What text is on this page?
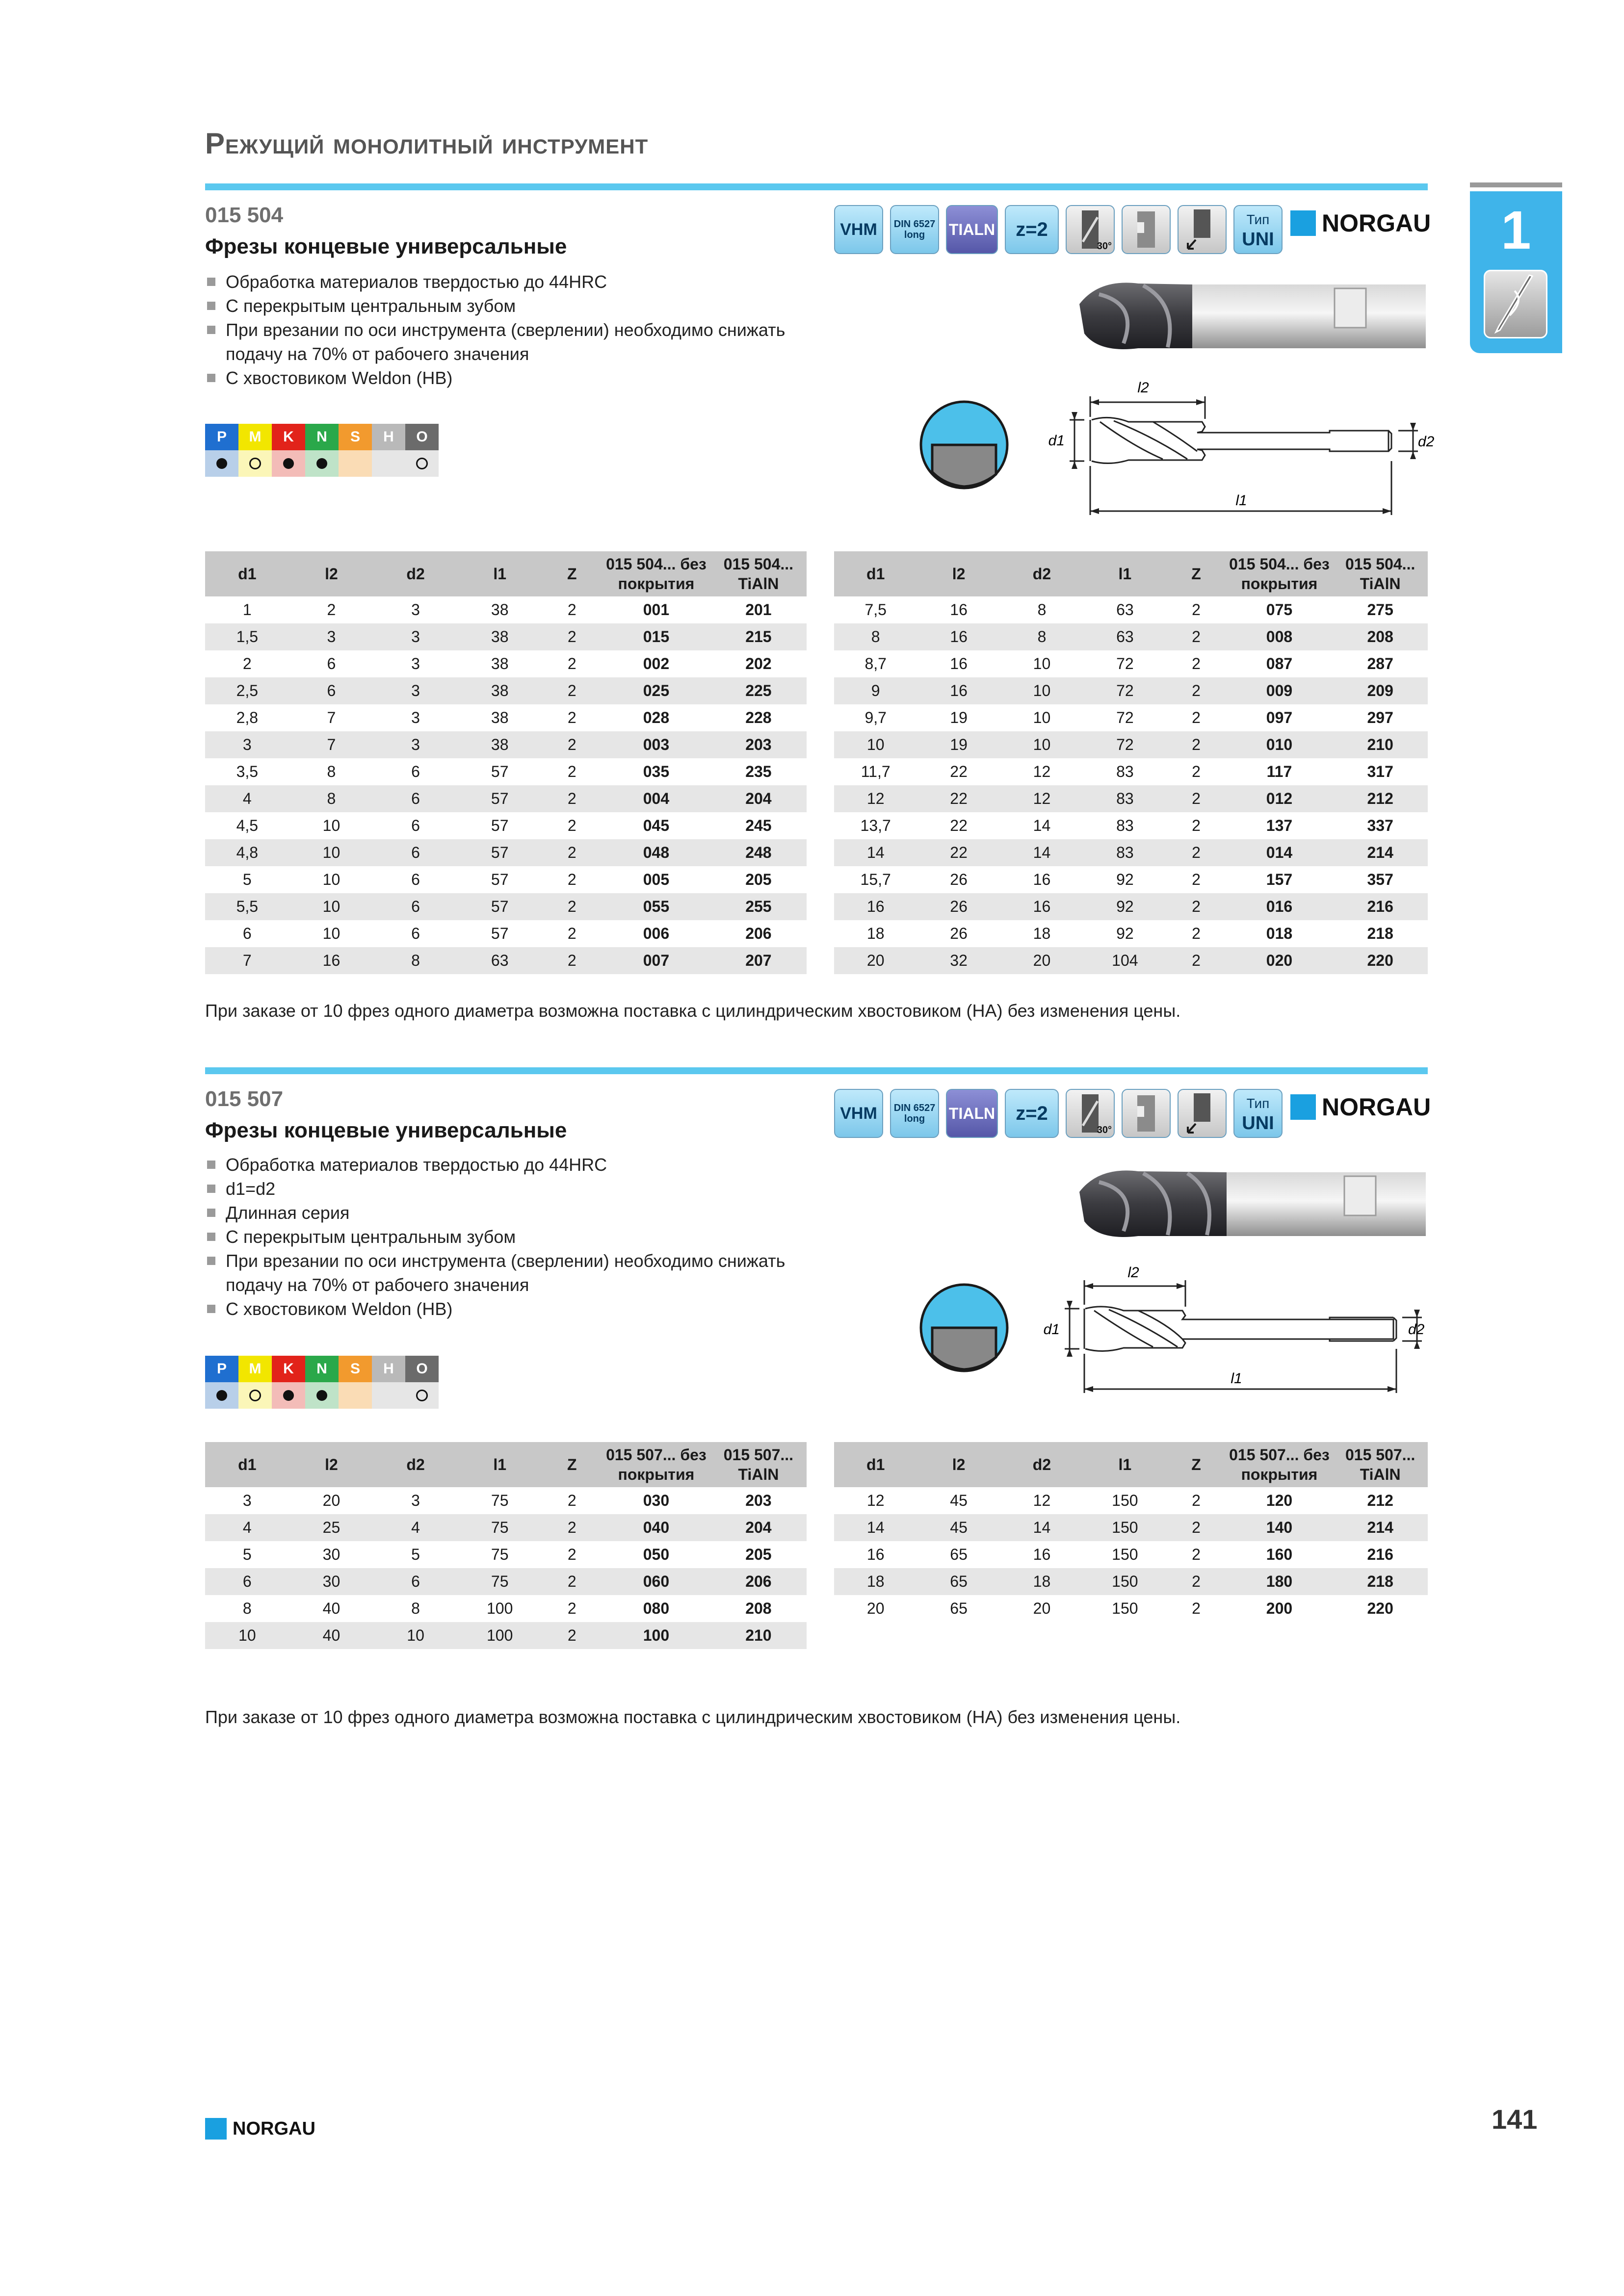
Режущий монолитный инструмент
1
015 504
Фрезы концевые универсальные
Обработка материалов твердостью до 44HRC
С перекрытым центральным зубом
При врезании по оси инструмента (сверлении) необходимо снижать подачу на 70% от рабочего значения
С хвостовиком Weldon (HB)
P	M	K	N	S	H	O
VHM DIN 6527
long TIALN z=2
30°
Тип
UNI
NORGAU
l2
l1
d1	d2
d1	l2	d2	l1	Z	015 504... без покрытия	015 504... TiAlN
1	2	3	38	2	001	201
1,5	3	3	38	2	015	215
2	6	3	38	2	002	202
2,5	6	3	38	2	025	225
2,8	7	3	38	2	028	228
3	7	3	38	2	003	203
3,5	8	6	57	2	035	235
4	8	6	57	2	004	204
4,5	10	6	57	2	045	245
4,8	10	6	57	2	048	248
5	10	6	57	2	005	205
5,5	10	6	57	2	055	255
6	10	6	57	2	006	206
7	16	8	63	2	007	207
d1	l2	d2	l1	Z	015 504... без покрытия	015 504... TiAlN
7,5	16	8	63	2	075	275
8	16	8	63	2	008	208
8,7	16	10	72	2	087	287
9	16	10	72	2	009	209
9,7	19	10	72	2	097	297
10	19	10	72	2	010	210
11,7	22	12	83	2	117	317
12	22	12	83	2	012	212
13,7	22	14	83	2	137	337
14	22	14	83	2	014	214
15,7	26	16	92	2	157	357
16	26	16	92	2	016	216
18	26	18	92	2	018	218
20	32	20	104	2	020	220
При заказе от 10 фрез одного диаметра возможна поставка с цилиндрическим хвостовиком (НА) без изменения цены.
015 507
Фрезы концевые универсальные
Обработка материалов твердостью до 44HRC
d1=d2
Длинная серия
С перекрытым центральным зубом
При врезании по оси инструмента (сверлении) необходимо снижать подачу на 70% от рабочего значения
С хвостовиком Weldon (HB)
P	M	K	N	S	H	O
VHM DIN 6527
long TIALN z=2
30°
Тип
UNI
NORGAU
l2
l1
d1	d2
d1	l2	d2	l1	Z	015 507... без покрытия	015 507... TiAlN
3	20	3	75	2	030	203
4	25	4	75	2	040	204
5	30	5	75	2	050	205
6	30	6	75	2	060	206
8	40	8	100	2	080	208
10	40	10	100	2	100	210
d1	l2	d2	l1	Z	015 507... без покрытия	015 507... TiAlN
12	45	12	150	2	120	212
14	45	14	150	2	140	214
16	65	16	150	2	160	216
18	65	18	150	2	180	218
20	65	20	150	2	200	220
При заказе от 10 фрез одного диаметра возможна поставка с цилиндрическим хвостовиком (НА) без изменения цены.
NORGAU	141
